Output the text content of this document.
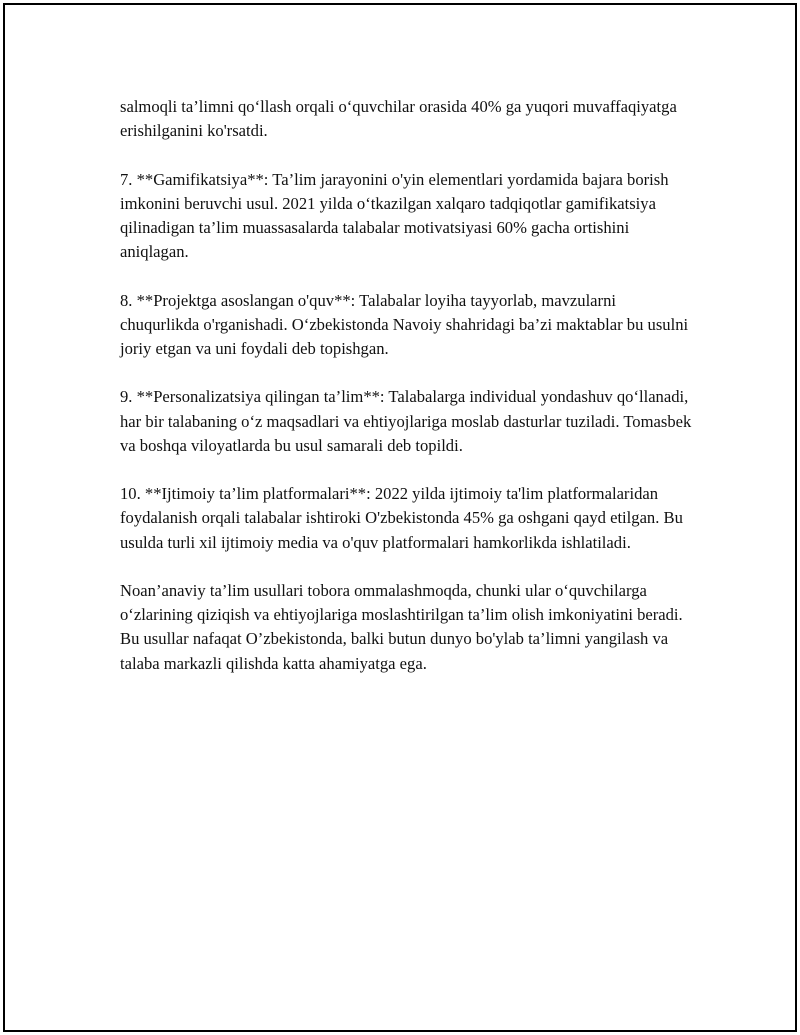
salmoqli ta’limni qo‘llash orqali o‘quvchilar orasida 40% ga yuqori muvaffaqiyatga erishilganini ko'rsatdi.

7. **Gamifikatsiya**: Ta’lim jarayonini o'yin elementlari yordamida bajara borish imkonini beruvchi usul. 2021 yilda o‘tkazilgan xalqaro tadqiqotlar gamifikatsiya qilinadigan ta’lim muassasalarda talabalar motivatsiyasi 60% gacha ortishini aniqlagan.

8. **Projektga asoslangan o'quv**: Talabalar loyiha tayyorlab, mavzularni chuqurlikda o'rganishadi. O‘zbekistonda Navoiy shahridagi ba’zi maktablar bu usulni joriy etgan va uni foydali deb topishgan.

9. **Personalizatsiya qilingan ta’lim**: Talabalarga individual yondashuv qo‘llanadi, har bir talabaning o‘z maqsadlari va ehtiyojlariga moslab dasturlar tuziladi. Tomasbek va boshqa viloyatlarda bu usul samarali deb topildi.

10. **Ijtimoiy ta’lim platformalari**: 2022 yilda ijtimoiy ta'lim platformalaridan foydalanish orqali talabalar ishtiroki O'zbekistonda 45% ga oshgani qayd etilgan. Bu usulda turli xil ijtimoiy media va o'quv platformalari hamkorlikda ishlatiladi.

Noan’anaviy ta’lim usullari tobora ommalashmoqda, chunki ular o‘quvchilarga o‘zlarining qiziqish va ehtiyojlariga moslashtirilgan ta’lim olish imkoniyatini beradi. Bu usullar nafaqat O’zbekistonda, balki butun dunyo bo'ylab ta’limni yangilash va talaba markazli qilishda katta ahamiyatga ega.
